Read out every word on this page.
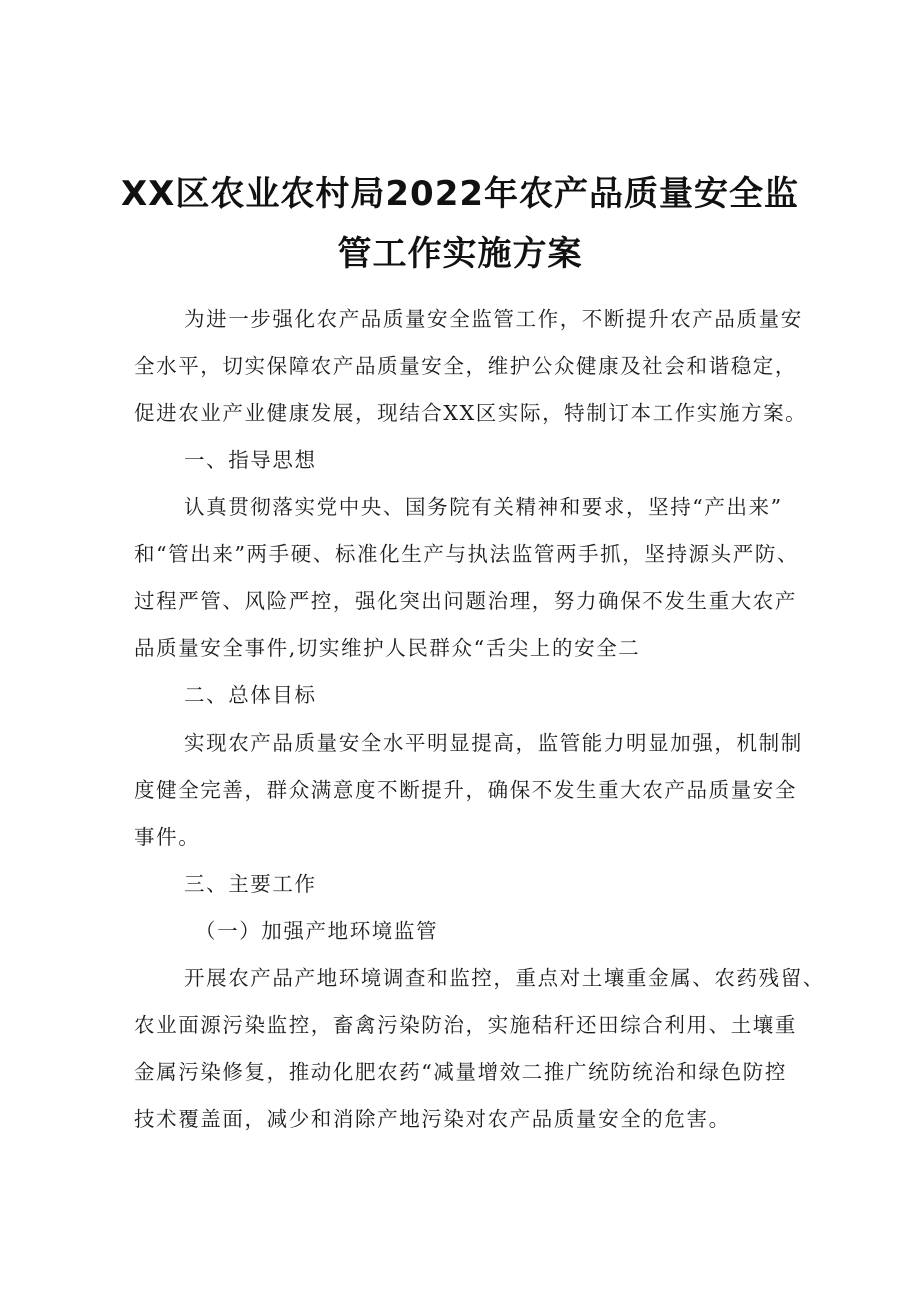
XX区农业农村局2022年农产品质量安全监
管工作实施方案
为进一步强化农产品质量安全监管工作，不断提升农产品质量安
全水平，切实保障农产品质量安全，维护公众健康及社会和谐稳定，
促进农业产业健康发展，现结合XX区实际，特制订本工作实施方案。
一、指导思想
认真贯彻落实党中央、国务院有关精神和要求，坚持“产出来”
和“管出来”两手硬、标准化生产与执法监管两手抓，坚持源头严防、
过程严管、风险严控，强化突出问题治理，努力确保不发生重大农产
品质量安全事件,切实维护人民群众“舌尖上的安全二
二、总体目标
实现农产品质量安全水平明显提高，监管能力明显加强，机制制
度健全完善，群众满意度不断提升，确保不发生重大农产品质量安全
事件。
三、主要工作
（一）加强产地环境监管
开展农产品产地环境调查和监控，重点对土壤重金属、农药残留、
农业面源污染监控，畜禽污染防治，实施秸秆还田综合利用、土壤重
金属污染修复，推动化肥农药“减量增效二推广统防统治和绿色防控
技术覆盖面，减少和消除产地污染对农产品质量安全的危害。
